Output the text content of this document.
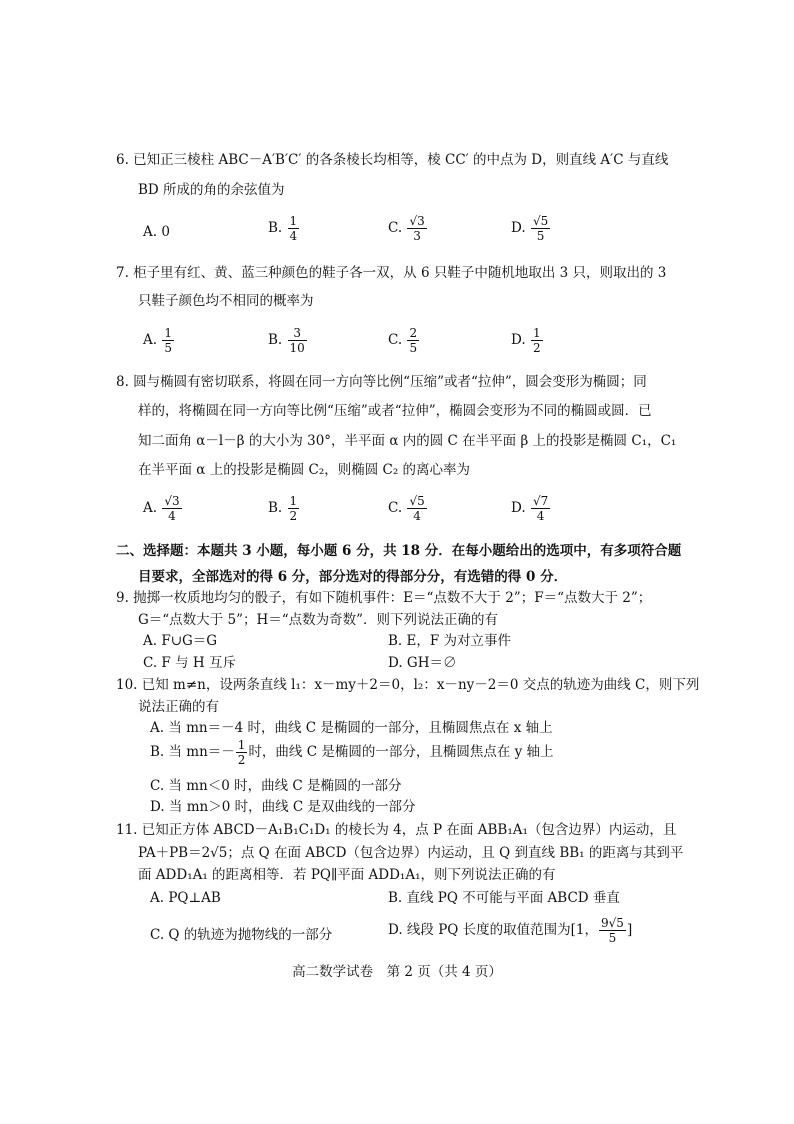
6. 已知正三棱柱 ABC－A′B′C′ 的各条棱长均相等，棱 CC′ 的中点为 D，则直线 A′C 与直线
BD 所成的角的余弦值为
A. 0	B. $\frac{1}{4}$	C. $\frac{√3}{3}$	D. $\frac{√5}{5}$
7. 柜子里有红、黄、蓝三种颜色的鞋子各一双，从 6 只鞋子中随机地取出 3 只，则取出的 3
只鞋子颜色均不相同的概率为
A. $\frac{1}{5}$	B. $\frac{3}{10}$	C. $\frac{2}{5}$	D. $\frac{1}{2}$
8. 圆与椭圆有密切联系，将圆在同一方向等比例“压缩”或者“拉伸”，圆会变形为椭圆；同
样的，将椭圆在同一方向等比例“压缩”或者“拉伸”，椭圆会变形为不同的椭圆或圆．已
知二面角 α－l－β 的大小为 30°，半平面 α 内的圆 C 在半平面 β 上的投影是椭圆 C₁，C₁
在半平面 α 上的投影是椭圆 C₂，则椭圆 C₂ 的离心率为
A. $\frac{√3}{4}$	B. $\frac{1}{2}$	C. $\frac{√5}{4}$	D. $\frac{√7}{4}$
二、选择题：本题共 3 小题，每小题 6 分，共 18 分．在每小题给出的选项中，有多项符合题
目要求，全部选对的得 6 分，部分选对的得部分分，有选错的得 0 分．
9. 抛掷一枚质地均匀的骰子，有如下随机事件：E＝“点数不大于 2”；F＝“点数大于 2”；
G＝“点数大于 5”；H＝“点数为奇数”．则下列说法正确的有
A. F∪G＝G	B. E，F 为对立事件
C. F 与 H 互斥	D. GH＝∅
10. 已知 m≠n，设两条直线 l₁：x－my＋2＝0，l₂：x－ny－2＝0 交点的轨迹为曲线 C，则下列
说法正确的有
A. 当 mn＝－4 时，曲线 C 是椭圆的一部分，且椭圆焦点在 x 轴上
B. 当 $mn=- \frac{1}{2}$ 时，曲线 C 是椭圆的一部分，且椭圆焦点在 y 轴上
C. 当 mn＜0 时，曲线 C 是椭圆的一部分
D. 当 mn＞0 时，曲线 C 是双曲线的一部分
11. 已知正方体 ABCD－A₁B₁C₁D₁ 的棱长为 4，点 P 在面 ABB₁A₁（包含边界）内运动，且
PA＋PB＝2√5；点 Q 在面 ABCD（包含边界）内运动，且 Q 到直线 BB₁ 的距离与其到平
面 ADD₁A₁ 的距离相等．若 PQ∥平面 ADD₁A₁，则下列说法正确的有
A. PQ⊥AB	B. 直线 PQ 不可能与平面 ABCD 垂直
C. Q 的轨迹为抛物线的一部分	D. 线段 PQ 长度的取值范围为[1， $\frac{9√5}{5}$ ]
高二数学试卷　第 2 页（共 4 页）
